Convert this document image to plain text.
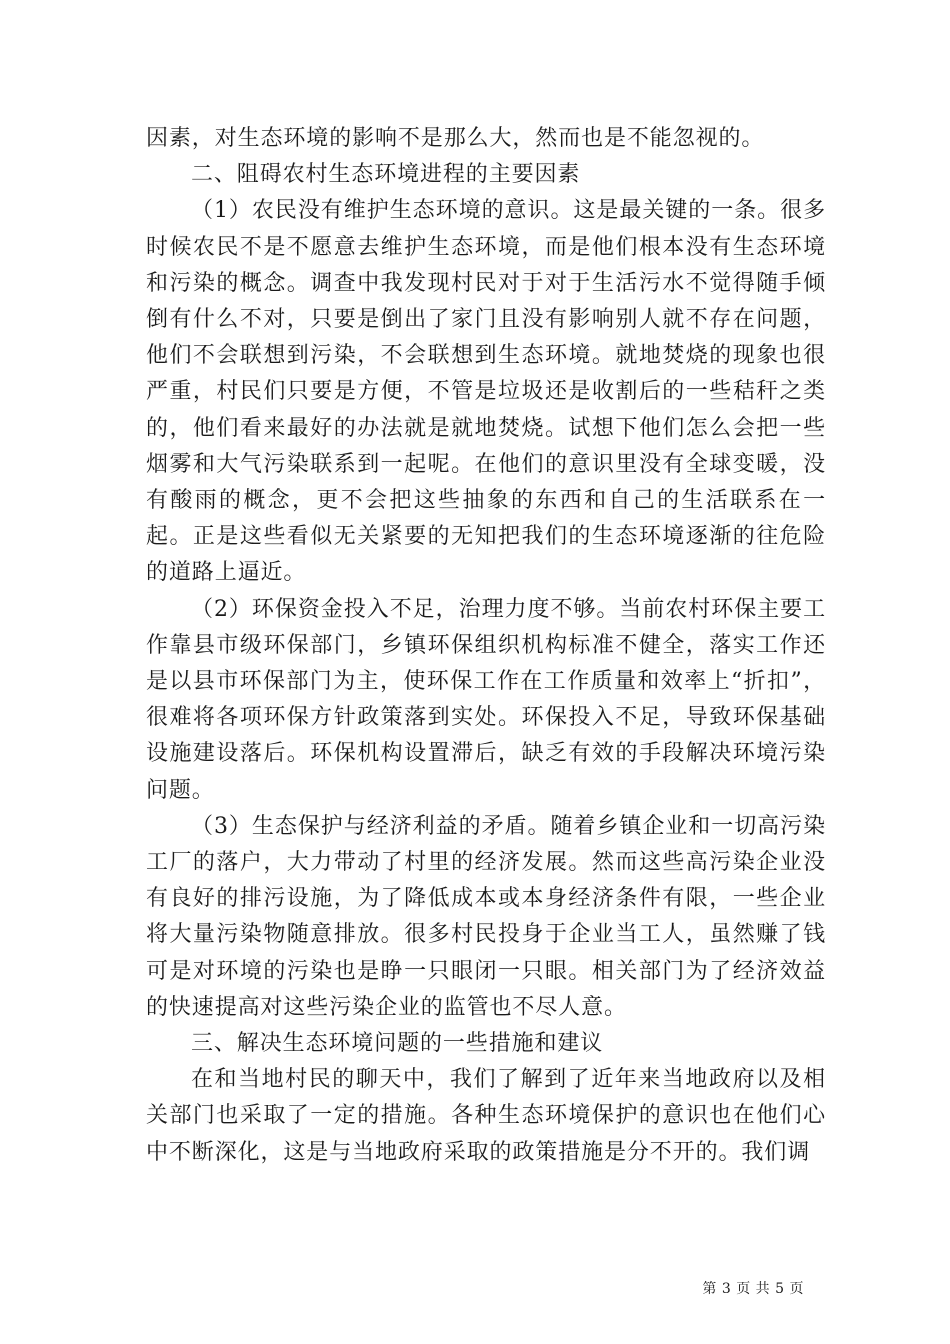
因素，对生态环境的影响不是那么大，然而也是不能忽视的。

二、阻碍农村生态环境进程的主要因素

（1）农民没有维护生态环境的意识。这是最关键的一条。很多时候农民不是不愿意去维护生态环境，而是他们根本没有生态环境和污染的概念。调查中我发现村民对于对于生活污水不觉得随手倾倒有什么不对，只要是倒出了家门且没有影响别人就不存在问题，他们不会联想到污染，不会联想到生态环境。就地焚烧的现象也很严重，村民们只要是方便，不管是垃圾还是收割后的一些秸秆之类的，他们看来最好的办法就是就地焚烧。试想下他们怎么会把一些烟雾和大气污染联系到一起呢。在他们的意识里没有全球变暖，没有酸雨的概念，更不会把这些抽象的东西和自己的生活联系在一起。正是这些看似无关紧要的无知把我们的生态环境逐渐的往危险的道路上逼近。

（2）环保资金投入不足，治理力度不够。当前农村环保主要工作靠县市级环保部门，乡镇环保组织机构标准不健全，落实工作还是以县市环保部门为主，使环保工作在工作质量和效率上“折扣”，很难将各项环保方针政策落到实处。环保投入不足，导致环保基础设施建设落后。环保机构设置滞后，缺乏有效的手段解决环境污染问题。

（3）生态保护与经济利益的矛盾。随着乡镇企业和一切高污染工厂的落户，大力带动了村里的经济发展。然而这些高污染企业没有良好的排污设施，为了降低成本或本身经济条件有限，一些企业将大量污染物随意排放。很多村民投身于企业当工人，虽然赚了钱可是对环境的污染也是睁一只眼闭一只眼。相关部门为了经济效益的快速提高对这些污染企业的监管也不尽人意。

三、解决生态环境问题的一些措施和建议

在和当地村民的聊天中，我们了解到了近年来当地政府以及相关部门也采取了一定的措施。各种生态环境保护的意识也在他们心中不断深化，这是与当地政府采取的政策措施是分不开的。我们调

第 3 页 共 5 页
